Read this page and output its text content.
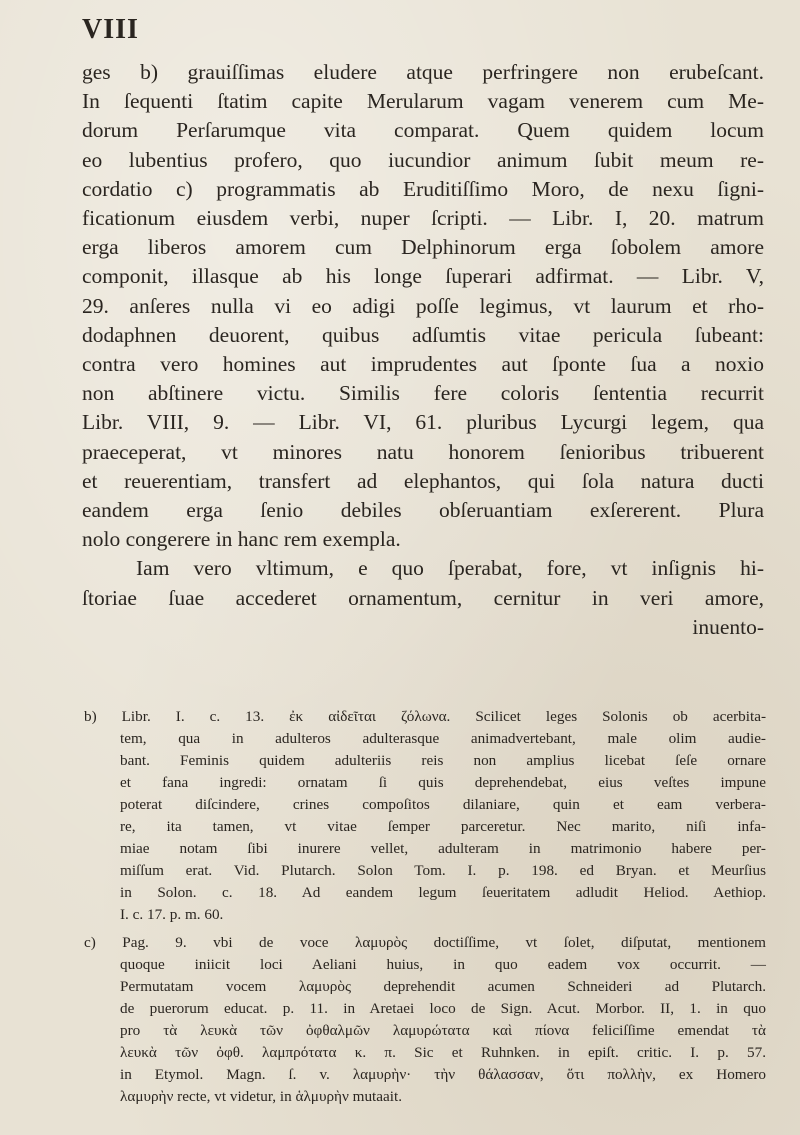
VIII
ges b) grauiſſimas eludere atque perfringere non erubeſcant.
In ſequenti ſtatim capite Merularum vagam venerem cum Me-
dorum Perſarumque vita comparat. Quem quidem locum
eo lubentius profero, quo iucundior animum ſubit meum re-
cordatio c) programmatis ab Eruditiſſimo Moro, de nexu ſigni-
ficationum eiusdem verbi, nuper ſcripti. — Libr. I, 20. matrum
erga liberos amorem cum Delphinorum erga ſobolem amore
componit, illasque ab his longe ſuperari adfirmat. — Libr. V,
29. anſeres nulla vi eo adigi poſſe legimus, vt laurum et rho-
dodaphnen deuorent, quibus adſumtis vitae pericula ſubeant:
contra vero homines aut imprudentes aut ſponte ſua a noxio
non abſtinere victu. Similis fere coloris ſententia recurrit
Libr. VIII, 9. — Libr. VI, 61. pluribus Lycurgi legem, qua
praeceperat, vt minores natu honorem ſenioribus tribuerent
et reuerentiam, transfert ad elephantos, qui ſola natura ducti
eandem erga ſenio debiles obſeruantiam exſererent. Plura
nolo congerere in hanc rem exempla.
Iam vero vltimum, e quo ſperabat, fore, vt inſignis hi-
ſtoriae ſuae accederet ornamentum, cernitur in veri amore,
inuento-
b) Libr. I. c. 13. ἐκ αἰδεῖται ζόλωνα. Scilicet leges Solonis ob acerbita-
tem, qua in adulteros adulterasque animadvertebant, male olim audie-
bant. Feminis quidem adulteriis reis non amplius licebat ſeſe ornare
et fana ingredi: ornatam ſi quis deprehendebat, eius veſtes impune
poterat diſcindere, crines compoſitos dilaniare, quin et eam verbera-
re, ita tamen, vt vitae ſemper parceretur. Nec marito, niſi infa-
miae notam ſibi inurere vellet, adulteram in matrimonio habere per-
miſſum erat. Vid. Plutarch. Solon Tom. I. p. 198. ed Bryan. et Meurſius
in Solon. c. 18. Ad eandem legum ſeueritatem adludit Heliod. Aethiop.
I. c. 17. p. m. 60.
c) Pag. 9. vbi de voce λαμυρὸς doctiſſime, vt ſolet, diſputat, mentionem
quoque iniicit loci Aeliani huius, in quo eadem vox occurrit. —
Permutatam vocem λαμυρὸς deprehendit acumen Schneideri ad Plutarch.
de puerorum educat. p. 11. in Aretaei loco de Sign. Acut. Morbor. II, 1. in quo
pro τὰ λευκὰ τῶν ὀφθαλμῶν λαμυρώτατα καὶ πίονα feliciſſime emendat τὰ
λευκὰ τῶν ὀφθ. λαμπρότατα κ. π. Sic et Ruhnken. in epiſt. critic. I. p. 57.
in Etymol. Magn. ſ. v. λαμυρὴν· τὴν θάλασσαν, ὅτι πολλὴν, ex Homero
λαμυρὴν recte, vt videtur, in ἁλμυρὴν mutaait.
